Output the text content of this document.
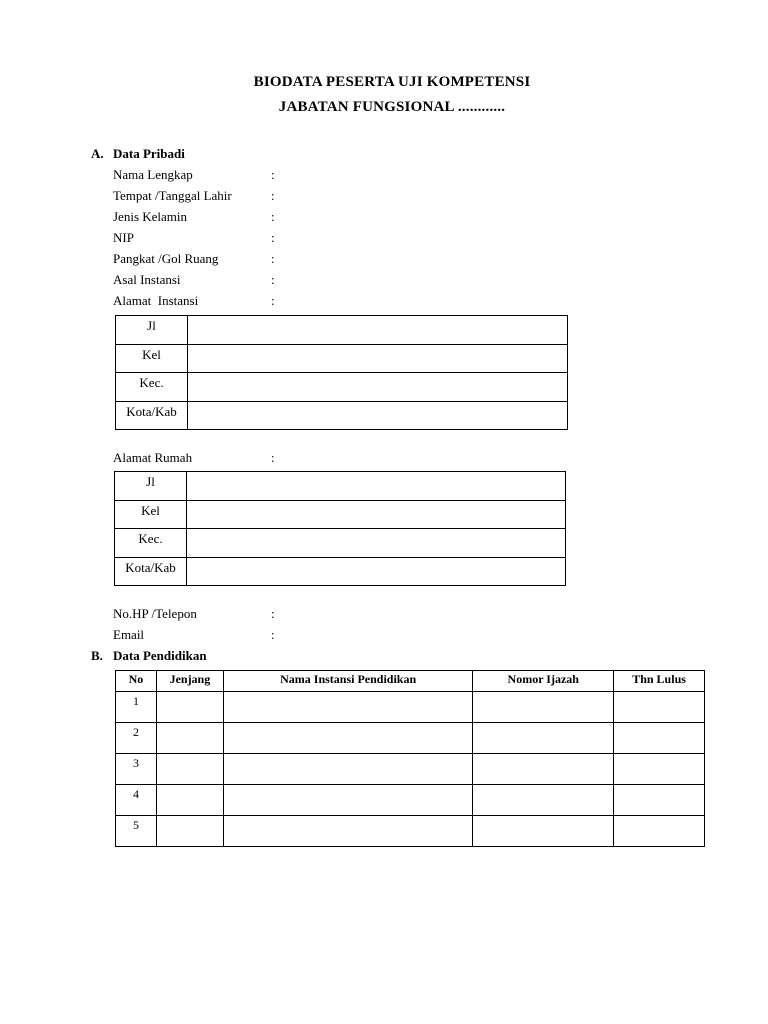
BIODATA PESERTA UJI KOMPETENSI
JABATAN FUNGSIONAL ............
A. Data Pribadi
Nama Lengkap	:
Tempat /Tanggal Lahir	:
Jenis Kelamin	:
NIP	:
Pangkat /Gol Ruang	:
Asal Instansi	:
Alamat  Instansi	:
Jl	
Kel	
Kec.	
Kota/Kab	
Alamat Rumah	:
Jl	
Kel	
Kec.	
Kota/Kab	
No.HP /Telepon	:
Email	:
B. Data Pendidikan
No	Jenjang	Nama Instansi Pendidikan	Nomor Ijazah	Thn Lulus
1				
2				
3				
4				
5				
